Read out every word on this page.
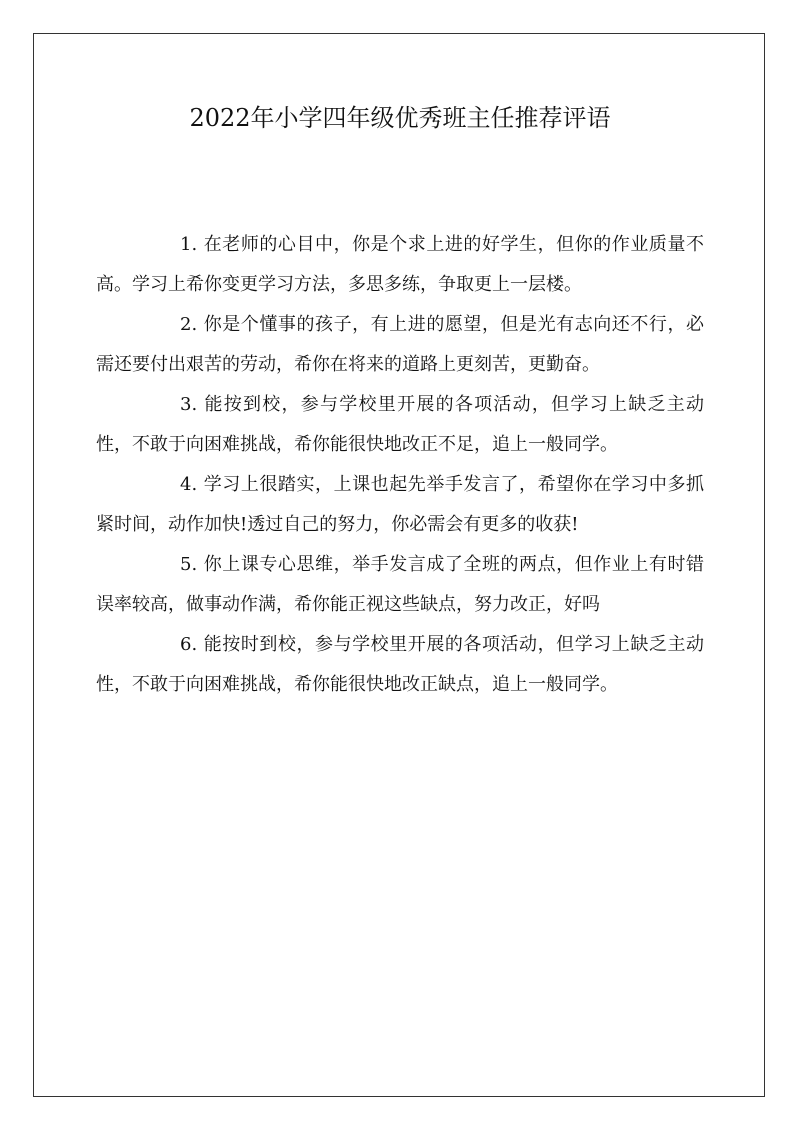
2022年小学四年级优秀班主任推荐评语

1. 在老师的心目中，你是个求上进的好学生，但你的作业质量不高。学习上希你变更学习方法，多思多练，争取更上一层楼。

2. 你是个懂事的孩子，有上进的愿望，但是光有志向还不行，必需还要付出艰苦的劳动，希你在将来的道路上更刻苦，更勤奋。

3. 能按到校，参与学校里开展的各项活动，但学习上缺乏主动性，不敢于向困难挑战，希你能很快地改正不足，追上一般同学。

4. 学习上很踏实，上课也起先举手发言了，希望你在学习中多抓紧时间，动作加快!透过自己的努力，你必需会有更多的收获!

5. 你上课专心思维，举手发言成了全班的两点，但作业上有时错误率较高，做事动作满，希你能正视这些缺点，努力改正，好吗

6. 能按时到校，参与学校里开展的各项活动，但学习上缺乏主动性，不敢于向困难挑战，希你能很快地改正缺点，追上一般同学。
